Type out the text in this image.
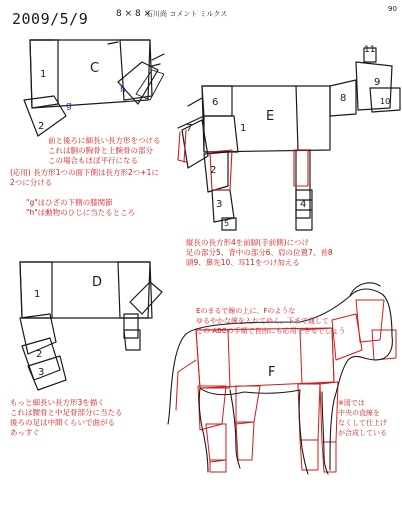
2009/5/9	8 × 8 ×
石川尚 コメント ミルクス
90
C
E
D
F
1
2
g
h
1
2
3	4
5
6
7
8
9
10
11
1
2
3
前と後ろに細長い長方形をつける
これは胴の胸骨と上腕骨の部分
この場合もほぼ平行になる
(応用) 長方形1つの面下側は長方形2つ+1に
2つに分ける
"g"はひざの下側の膝関節
"h"は動物のひじに当たるところ
縦長の長方形4を前脚(手前側)につけ
足の部分5、背中の部分6、肩の位置7、首8
頭9、鼻先10、耳11をつけ加える
Eのまるで線の上に、Fのような
ゆるやかな線を入れてゆく。下まで通して
この ABCの手順で自由にも応用できるでしょう
もっと細長い長方形3を描く
これは腰骨と中足骨部分に当たる
後ろの足は中間くらいで曲がる
あっすぐ
※図では
中央の直線を
なくして仕上げ
が合成している
